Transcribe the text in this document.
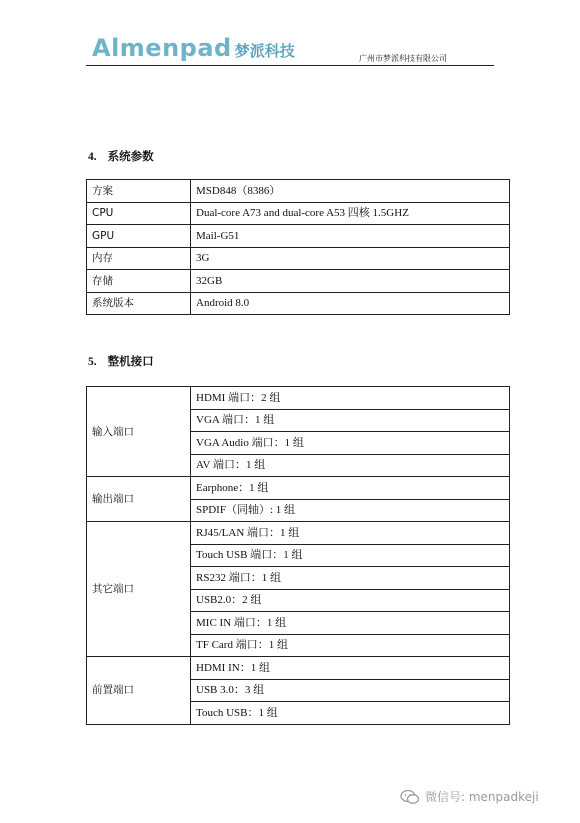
Almenpad 梦派科技	广州市梦派科技有限公司
4. 系统参数
方案	MSD848（8386）
CPU	Dual-core A73 and dual-core A53 四核 1.5GHZ
GPU	Mail-G51
内存	3G
存储	32GB
系统版本	Android 8.0
5. 整机接口
输入端口	HDMI 端口：2 组
	VGA 端口：1 组
	VGA Audio 端口：1 组
	AV 端口：1 组
输出端口	Earphone：1 组
	SPDIF（同轴）: 1 组
其它端口	RJ45/LAN 端口：1 组
	Touch USB 端口：1 组
	RS232 端口：1 组
	USB2.0：2 组
	MIC IN 端口：1 组
	TF Card 端口：1 组
前置端口	HDMI IN：1 组
	USB 3.0：3 组
	Touch USB：1 组
微信号: menpadkeji
